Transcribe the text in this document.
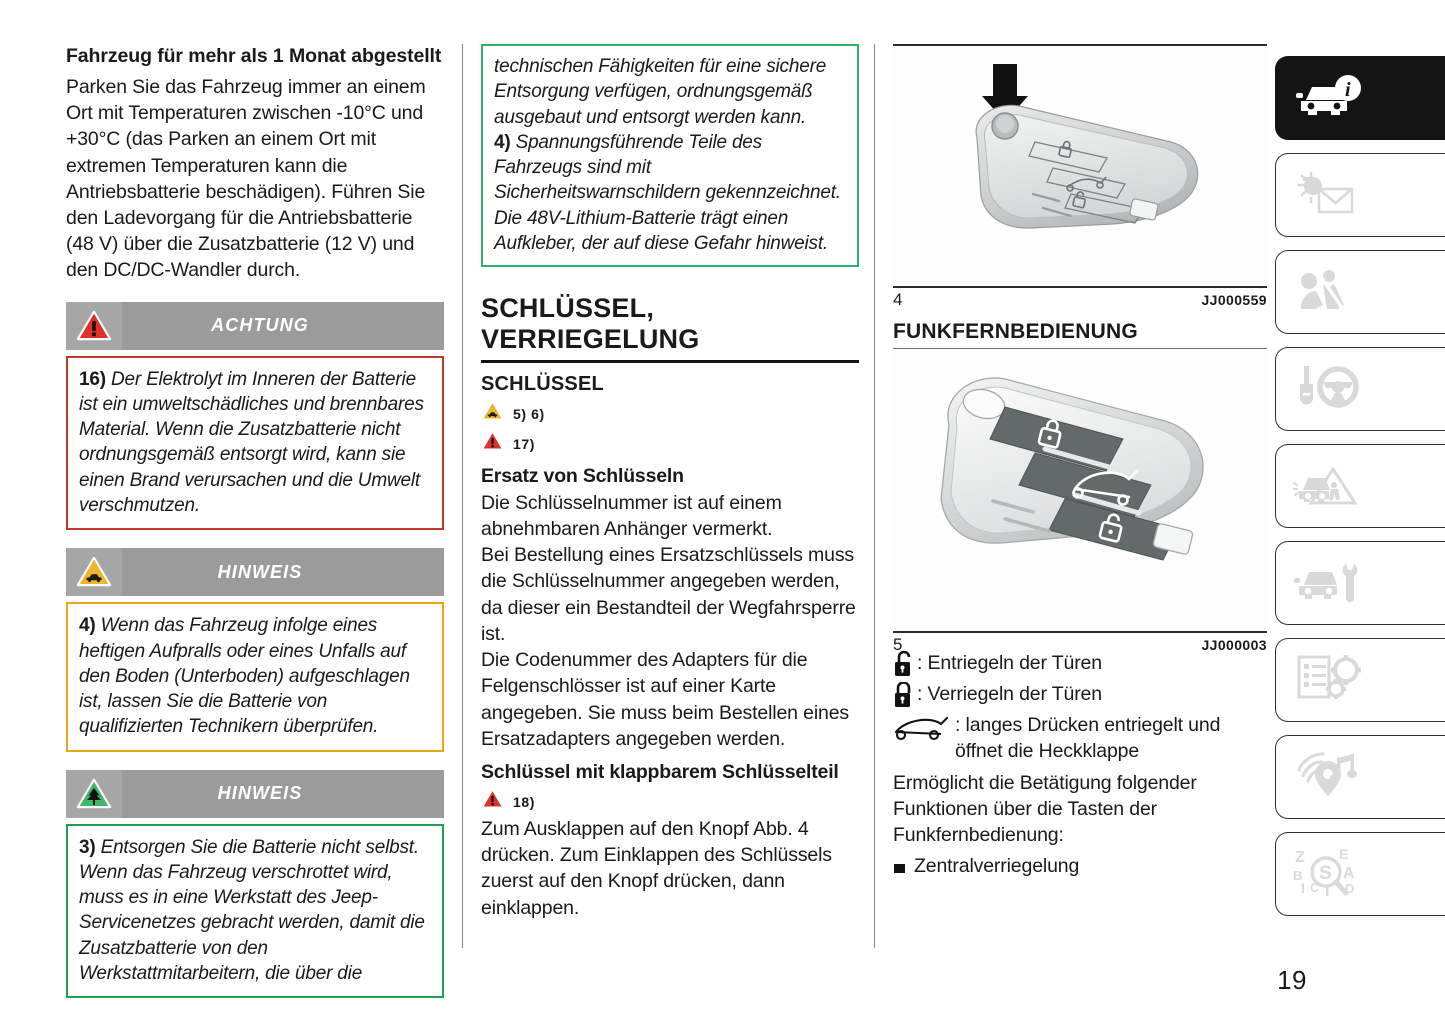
Fahrzeug für mehr als 1 Monat abgestellt

Parken Sie das Fahrzeug immer an einem Ort mit Temperaturen zwischen -10°C und +30°C (das Parken an einem Ort mit extremen Temperaturen kann die Antriebsbatterie beschädigen). Führen Sie den Ladevorgang für die Antriebsbatterie (48 V) über die Zusatzbatterie (12 V) und den DC/DC-Wandler durch.

ACHTUNG
16) Der Elektrolyt im Inneren der Batterie ist ein umweltschädliches und brennbares Material. Wenn die Zusatzbatterie nicht ordnungsgemäß entsorgt wird, kann sie einen Brand verursachen und die Umwelt verschmutzen.
HINWEIS
4) Wenn das Fahrzeug infolge eines heftigen Aufpralls oder eines Unfalls auf den Boden (Unterboden) aufgeschlagen ist, lassen Sie die Batterie von qualifizierten Technikern überprüfen.
HINWEIS
3) Entsorgen Sie die Batterie nicht selbst. Wenn das Fahrzeug verschrottet wird, muss es in eine Werkstatt des Jeep-Servicenetzes gebracht werden, damit die Zusatzbatterie von den Werkstattmitarbeitern, die über die
technischen Fähigkeiten für eine sichere Entsorgung verfügen, ordnungsgemäß ausgebaut und entsorgt werden kann.
4) Spannungsführende Teile des Fahrzeugs sind mit Sicherheitswarnschildern gekennzeichnet. Die 48V-Lithium-Batterie trägt einen Aufkleber, der auf diese Gefahr hinweist.
SCHLÜSSEL,
VERRIEGELUNG
SCHLÜSSEL
5) 6)
17)
Ersatz von Schlüsseln

Die Schlüsselnummer ist auf einem abnehmbaren Anhänger vermerkt.

Bei Bestellung eines Ersatzschlüssels muss die Schlüsselnummer angegeben werden, da dieser ein Bestandteil der Wegfahrsperre ist.

Die Codenummer des Adapters für die Felgenschlösser ist auf einer Karte angegeben. Sie muss beim Bestellen eines Ersatzadapters angegeben werden.

Schlüssel mit klappbarem Schlüsselteil
18)

Zum Ausklappen auf den Knopf Abb. 4 drücken. Zum Einklappen des Schlüssels zuerst auf den Knopf drücken, dann einklappen.

4	JJ000559
FUNKFERNBEDIENUNG
5	JJ000003
: Entriegeln der Türen
: Verriegeln der Türen
: langes Drücken entriegelt und öffnet die Heckklappe

Ermöglicht die Betätigung folgender Funktionen über die Tasten der Funkfernbedienung:

Zentralverriegelung
i
Z
B
I C T
E
A
D
S
19
